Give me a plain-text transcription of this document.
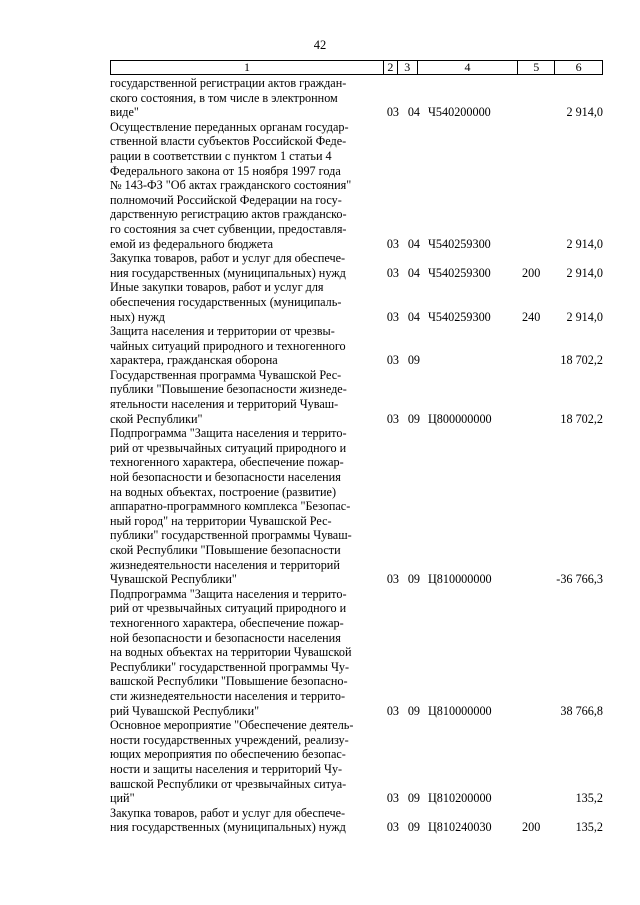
42
1	2 3	4	5	6
государственной регистрации актов граждан-
ского состояния, в том числе в электронном
виде"	03 04 Ч540200000	2 914,0
Осуществление переданных органам государ-
ственной власти субъектов Российской Феде-
рации в соответствии с пунктом 1 статьи 4
Федерального закона от 15 ноября 1997 года
№ 143-ФЗ "Об актах гражданского состояния"
полномочий Российской Федерации на госу-
дарственную регистрацию актов гражданско-
го состояния за счет субвенции, предоставля-
емой из федерального бюджета	03 04 Ч540259300	2 914,0
Закупка товаров, работ и услуг для обеспече-
ния государственных (муниципальных) нужд	03 04 Ч540259300	200	2 914,0
Иные закупки товаров, работ и услуг для
обеспечения государственных (муниципаль-
ных) нужд	03 04 Ч540259300	240	2 914,0
Защита населения и территории от чрезвы-
чайных ситуаций природного и техногенного
характера, гражданская оборона	03 09	18 702,2
Государственная программа Чувашской Рес-
публики "Повышение безопасности жизнеде-
ятельности населения и территорий Чуваш-
ской Республики"	03 09 Ц800000000	18 702,2
Подпрограмма "Защита населения и террито-
рий от чрезвычайных ситуаций природного и
техногенного характера, обеспечение пожар-
ной безопасности и безопасности населения
на водных объектах, построение (развитие)
аппаратно-программного комплекса "Безопас-
ный город" на территории Чувашской Рес-
публики" государственной программы Чуваш-
ской Республики "Повышение безопасности
жизнедеятельности населения и территорий
Чувашской Республики"	03 09 Ц810000000	-36 766,3
Подпрограмма "Защита населения и террито-
рий от чрезвычайных ситуаций природного и
техногенного характера, обеспечение пожар-
ной безопасности и безопасности населения
на водных объектах на территории Чувашской
Республики" государственной программы Чу-
вашской Республики "Повышение безопасно-
сти жизнедеятельности населения и террито-
рий Чувашской Республики"	03 09 Ц810000000	38 766,8
Основное мероприятие "Обеспечение деятель-
ности государственных учреждений, реализу-
ющих мероприятия по обеспечению безопас-
ности и защиты населения и территорий Чу-
вашской Республики от чрезвычайных ситуа-
ций"	03 09 Ц810200000	135,2
Закупка товаров, работ и услуг для обеспече-
ния государственных (муниципальных) нужд	03 09 Ц810240030	200	135,2
